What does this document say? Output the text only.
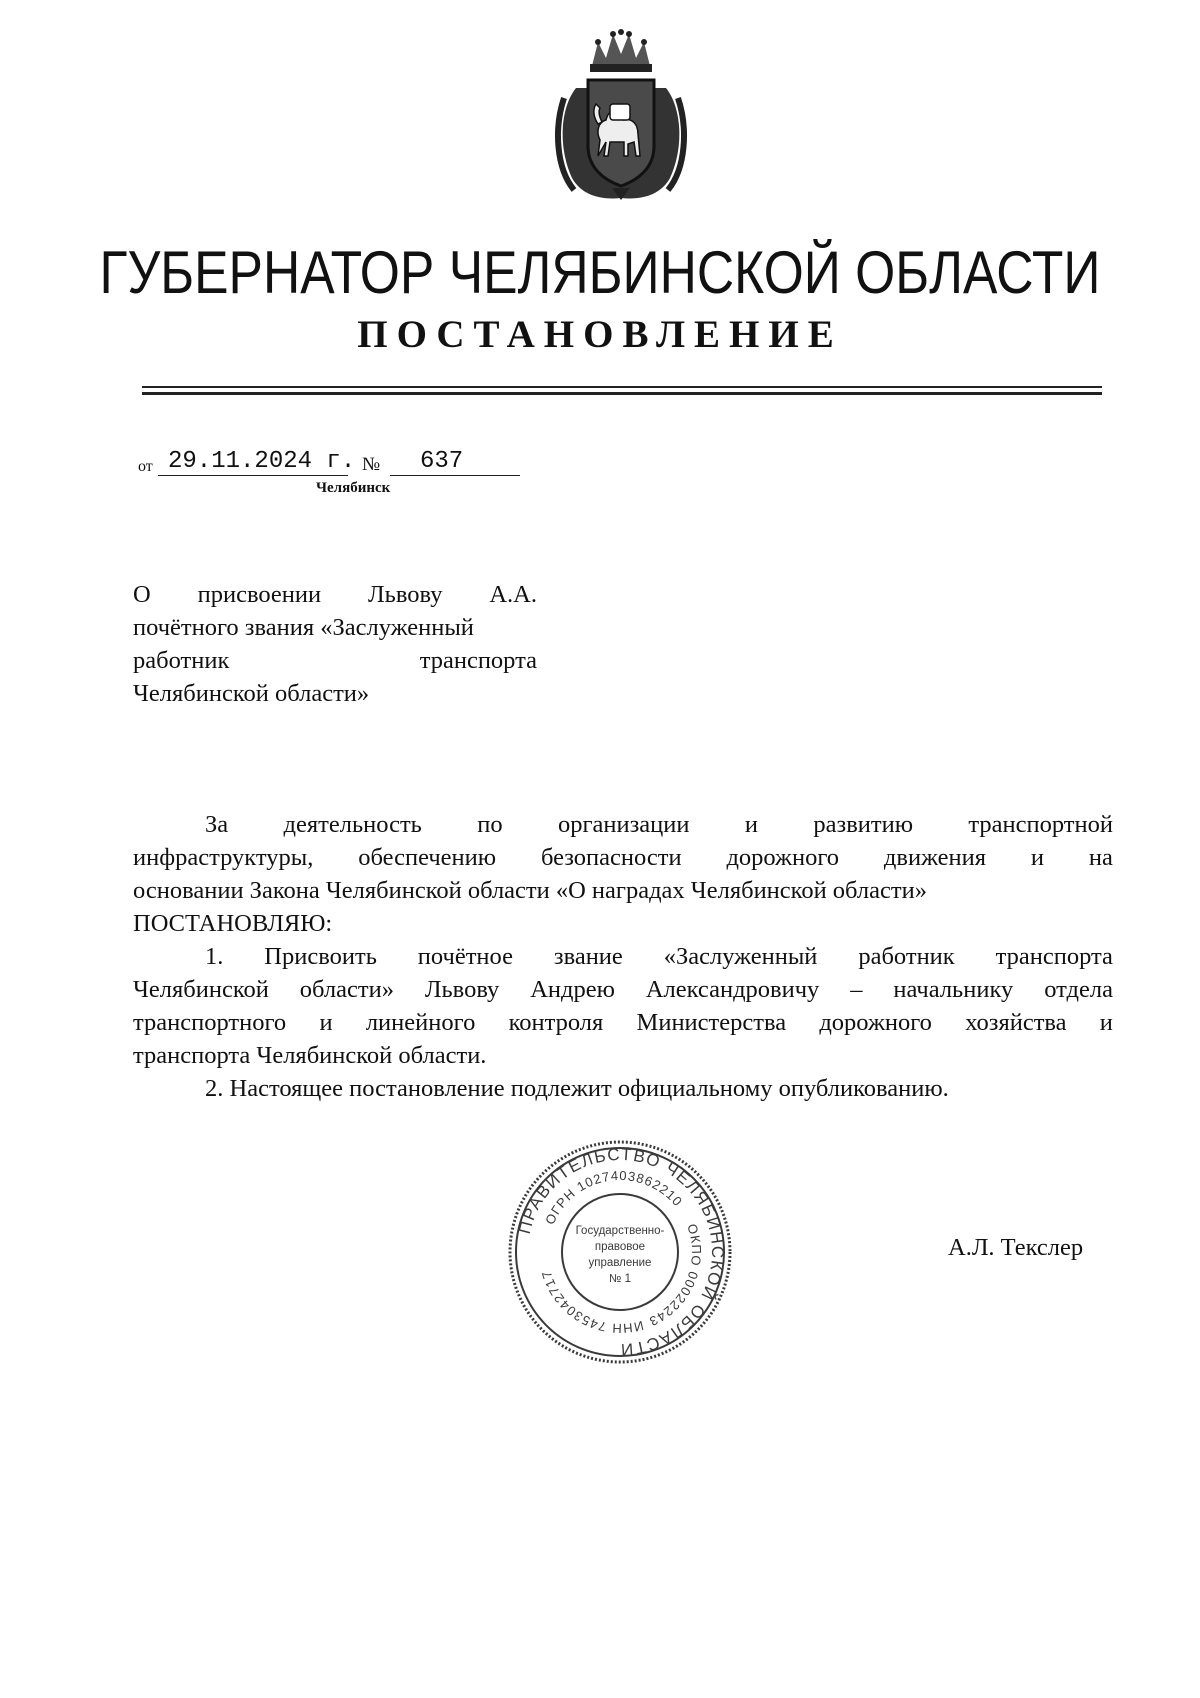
ГУБЕРНАТОР ЧЕЛЯБИНСКОЙ ОБЛАСТИ
ПОСТАНОВЛЕНИЕ
от 29.11.2024 г. № 637
Челябинск
О присвоении Львову А.А.
почётного звания «Заслуженный
работник	транспорта
Челябинской области»
За деятельность по организации и развитию транспортной
инфраструктуры, обеспечению безопасности дорожного движения и на
основании Закона Челябинской области «О наградах Челябинской области»
ПОСТАНОВЛЯЮ:
1. Присвоить почётное звание «Заслуженный работник транспорта
Челябинской области» Львову Андрею Александровичу – начальнику отдела
транспортного и линейного контроля Министерства дорожного хозяйства и
транспорта Челябинской области.
2. Настоящее постановление подлежит официальному опубликованию.
ПРАВИТЕЛЬСТВО ЧЕЛЯБИНСКОЙ ОБЛАСТИ
ОГРН 1027403862210
ОКПО 00022243
ИНН 7453042717
Государственно-
правовое
управление
№ 1
А.Л. Текслер
